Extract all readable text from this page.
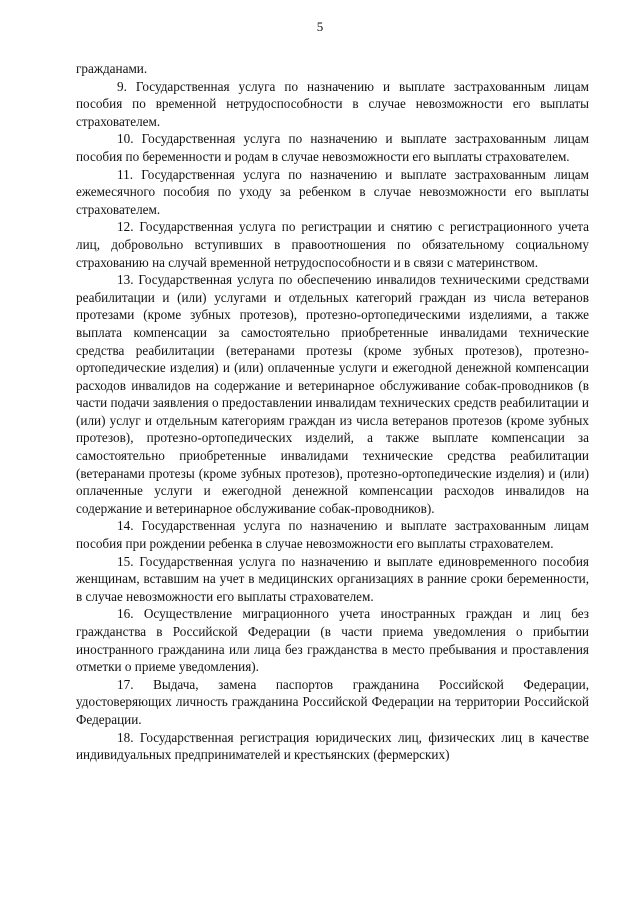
5

гражданами.

9. Государственная услуга по назначению и выплате застрахованным лицам пособия по временной нетрудоспособности в случае невозможности его выплаты страхователем.

10. Государственная услуга по назначению и выплате застрахованным лицам пособия по беременности и родам в случае невозможности его выплаты страхователем.

11. Государственная услуга по назначению и выплате застрахованным лицам ежемесячного пособия по уходу за ребенком в случае невозможности его выплаты страхователем.

12. Государственная услуга по регистрации и снятию с регистрационного учета лиц, добровольно вступивших в правоотношения по обязательному социальному страхованию на случай временной нетрудоспособности и в связи с материнством.

13. Государственная услуга по обеспечению инвалидов техническими средствами реабилитации и (или) услугами и отдельных категорий граждан из числа ветеранов протезами (кроме зубных протезов), протезно-ортопедическими изделиями, а также выплата компенсации за самостоятельно приобретенные инвалидами технические средства реабилитации (ветеранами протезы (кроме зубных протезов), протезно-ортопедические изделия) и (или) оплаченные услуги и ежегодной денежной компенсации расходов инвалидов на содержание и ветеринарное обслуживание собак-проводников (в части подачи заявления о предоставлении инвалидам технических средств реабилитации и (или) услуг и отдельным категориям граждан из числа ветеранов протезов (кроме зубных протезов), протезно-ортопедических изделий, а также выплате компенсации за самостоятельно приобретенные инвалидами технические средства реабилитации (ветеранами протезы (кроме зубных протезов), протезно-ортопедические изделия) и (или) оплаченные услуги и ежегодной денежной компенсации расходов инвалидов на содержание и ветеринарное обслуживание собак-проводников).

14. Государственная услуга по назначению и выплате застрахованным лицам пособия при рождении ребенка в случае невозможности его выплаты страхователем.

15. Государственная услуга по назначению и выплате единовременного пособия женщинам, вставшим на учет в медицинских организациях в ранние сроки беременности, в случае невозможности его выплаты страхователем.

16. Осуществление миграционного учета иностранных граждан и лиц без гражданства в Российской Федерации (в части приема уведомления о прибытии иностранного гражданина или лица без гражданства в место пребывания и проставления отметки о приеме уведомления).

17. Выдача, замена паспортов гражданина Российской Федерации, удостоверяющих личность гражданина Российской Федерации на территории Российской Федерации.

18. Государственная регистрация юридических лиц, физических лиц в качестве индивидуальных предпринимателей и крестьянских (фермерских)
